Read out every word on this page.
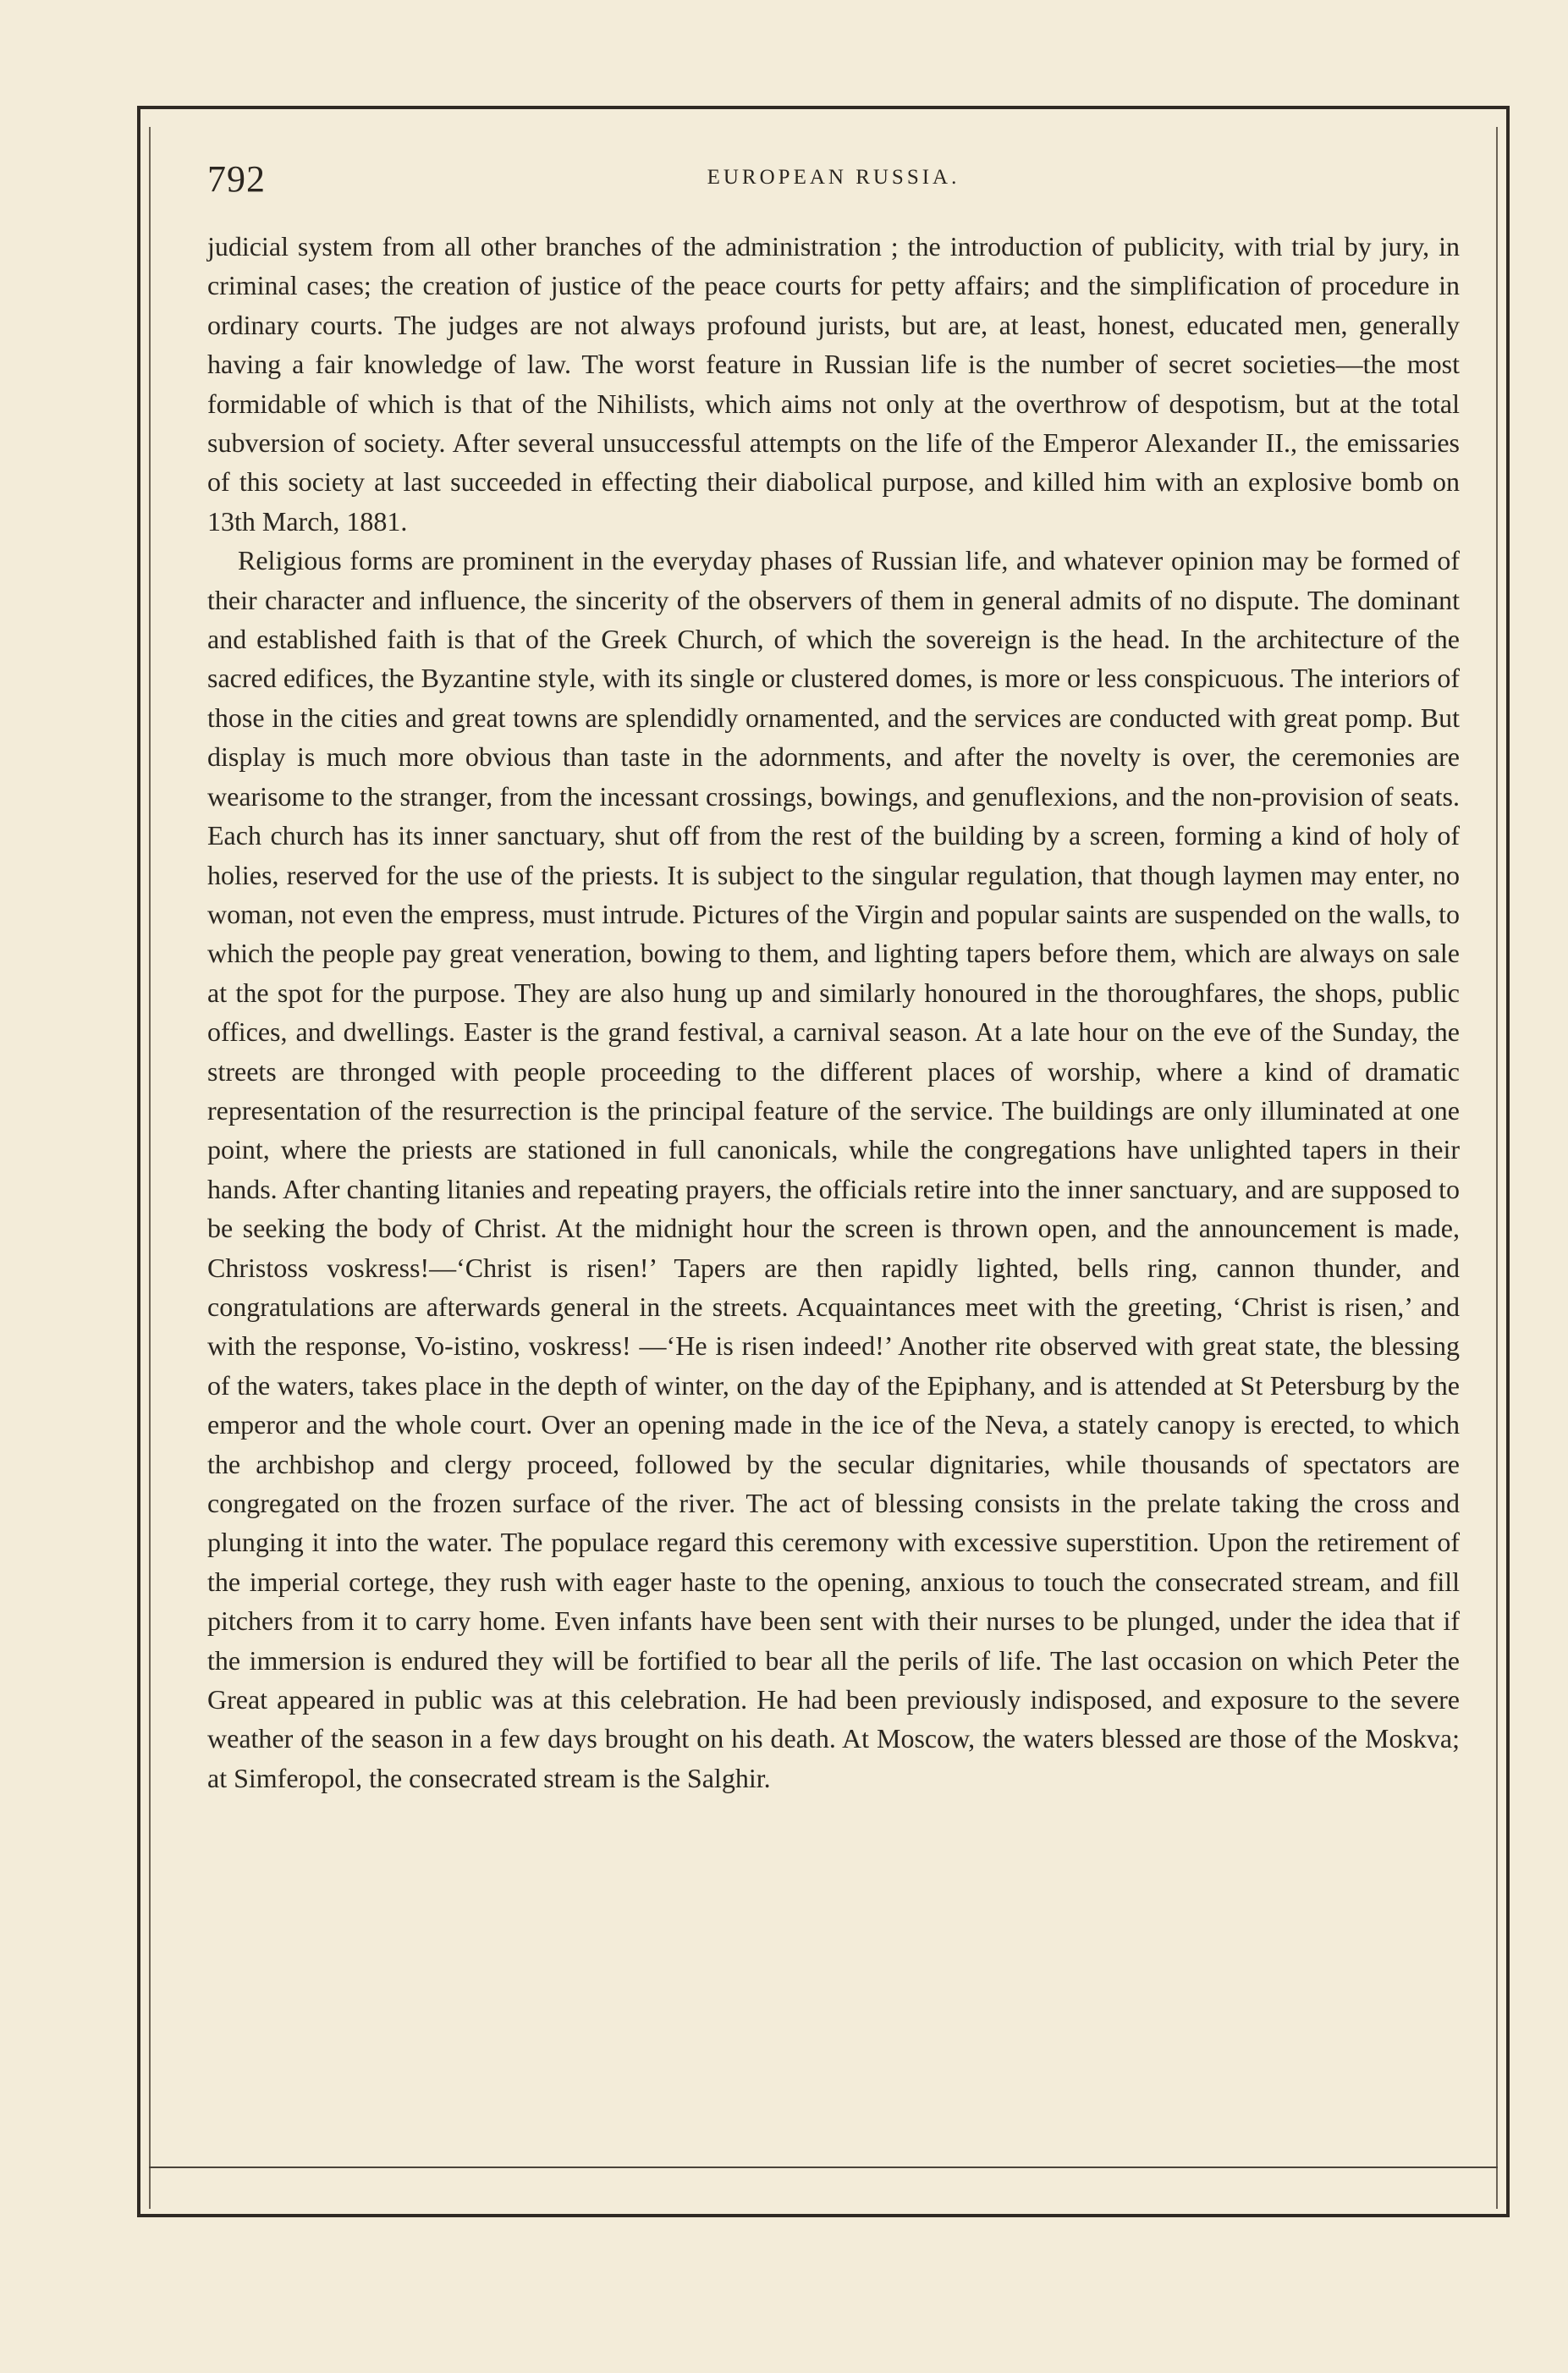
792	EUROPEAN RUSSIA.

judicial system from all other branches of the administration ; the introduction of publicity, with trial by jury, in criminal cases; the creation of justice of the peace courts for petty affairs; and the simplification of procedure in ordinary courts. The judges are not always profound jurists, but are, at least, honest, educated men, generally having a fair knowledge of law. The worst feature in Russian life is the number of secret societies—the most formidable of which is that of the Nihilists, which aims not only at the overthrow of despotism, but at the total subversion of society. After several unsuccessful attempts on the life of the Emperor Alexander II., the emissaries of this society at last succeeded in effecting their diabolical purpose, and killed him with an explosive bomb on 13th March, 1881.

Religious forms are prominent in the everyday phases of Russian life, and whatever opinion may be formed of their character and influence, the sincerity of the observers of them in general admits of no dispute. The dominant and established faith is that of the Greek Church, of which the sovereign is the head. In the architecture of the sacred edifices, the Byzantine style, with its single or clustered domes, is more or less conspicuous. The interiors of those in the cities and great towns are splendidly ornamented, and the services are conducted with great pomp. But display is much more obvious than taste in the adornments, and after the novelty is over, the ceremonies are wearisome to the stranger, from the incessant crossings, bowings, and genuflexions, and the non-provision of seats. Each church has its inner sanctuary, shut off from the rest of the building by a screen, forming a kind of holy of holies, reserved for the use of the priests. It is subject to the singular regulation, that though laymen may enter, no woman, not even the empress, must intrude. Pictures of the Virgin and popular saints are suspended on the walls, to which the people pay great veneration, bowing to them, and lighting tapers before them, which are always on sale at the spot for the purpose. They are also hung up and similarly honoured in the thoroughfares, the shops, public offices, and dwellings. Easter is the grand festival, a carnival season. At a late hour on the eve of the Sunday, the streets are thronged with people proceeding to the different places of worship, where a kind of dramatic representation of the resurrection is the principal feature of the service. The buildings are only illuminated at one point, where the priests are stationed in full canonicals, while the congregations have unlighted tapers in their hands. After chanting litanies and repeating prayers, the officials retire into the inner sanctuary, and are supposed to be seeking the body of Christ. At the midnight hour the screen is thrown open, and the announcement is made, Christoss voskress!—‘Christ is risen!’ Tapers are then rapidly lighted, bells ring, cannon thunder, and congratulations are afterwards general in the streets. Acquaintances meet with the greeting, ‘Christ is risen,’ and with the response, Vo-istino, voskress! —‘He is risen indeed!’ Another rite observed with great state, the blessing of the waters, takes place in the depth of winter, on the day of the Epiphany, and is attended at St Petersburg by the emperor and the whole court. Over an opening made in the ice of the Neva, a stately canopy is erected, to which the archbishop and clergy proceed, followed by the secular dignitaries, while thousands of spectators are congregated on the frozen surface of the river. The act of blessing consists in the prelate taking the cross and plunging it into the water. The populace regard this ceremony with excessive superstition. Upon the retirement of the imperial cortege, they rush with eager haste to the opening, anxious to touch the consecrated stream, and fill pitchers from it to carry home. Even infants have been sent with their nurses to be plunged, under the idea that if the immersion is endured they will be fortified to bear all the perils of life. The last occasion on which Peter the Great appeared in public was at this celebration. He had been previously indisposed, and exposure to the severe weather of the season in a few days brought on his death. At Moscow, the waters blessed are those of the Moskva; at Simferopol, the consecrated stream is the Salghir.
